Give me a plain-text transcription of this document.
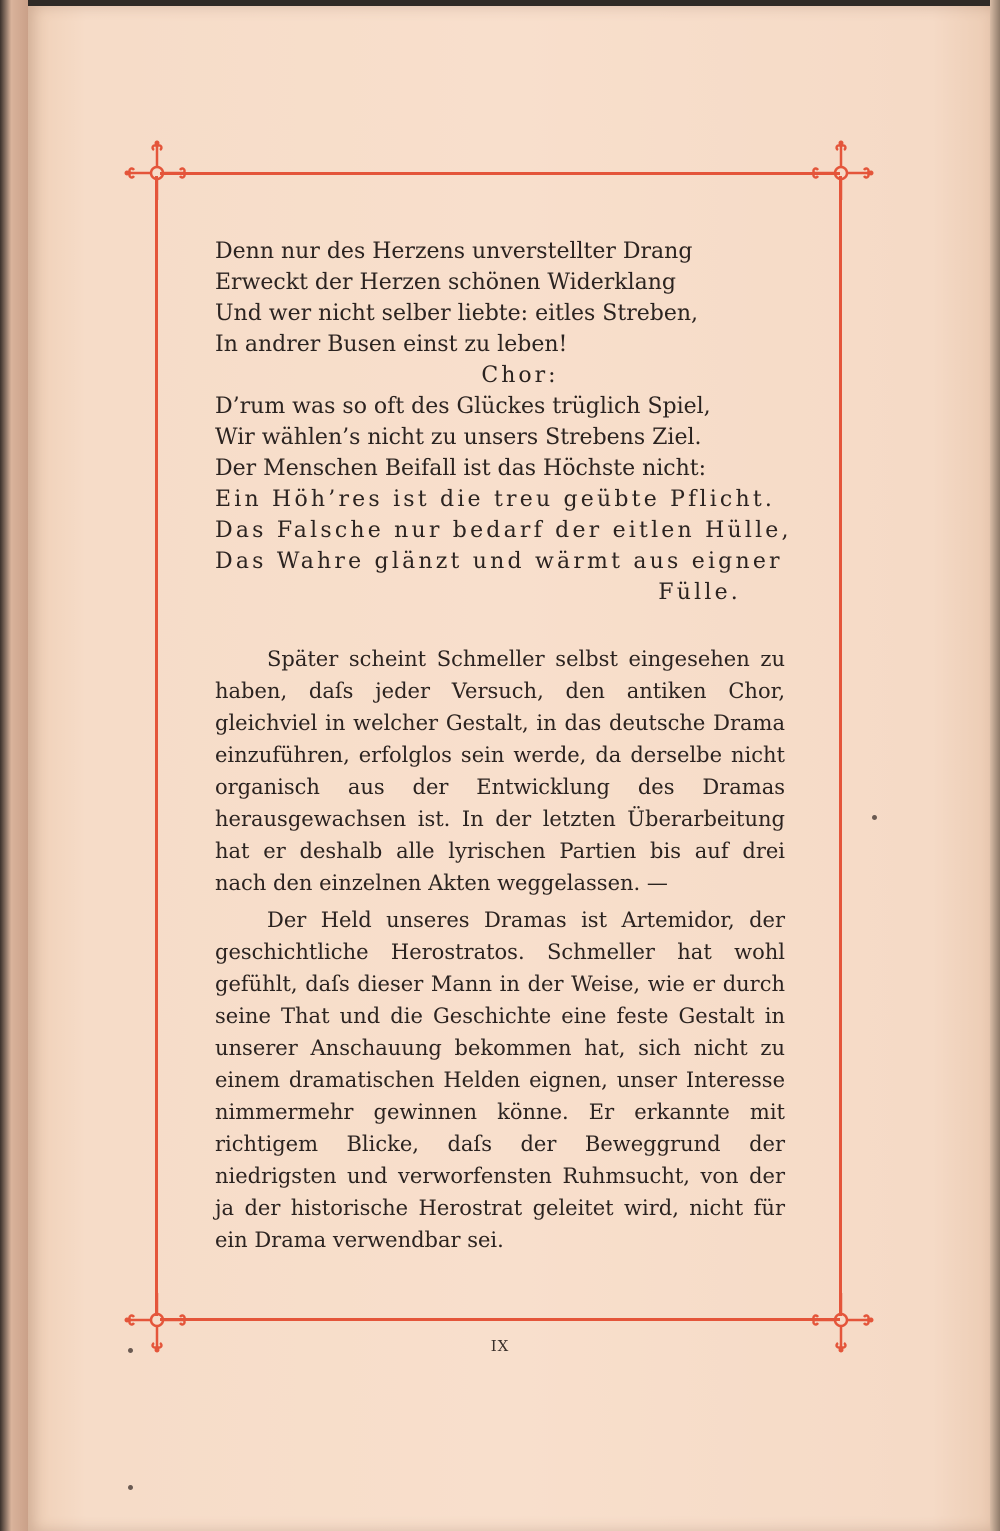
Denn nur des Herzens unverstellter Drang
Erweckt der Herzen schönen Widerklang
Und wer nicht selber liebte: eitles Streben,
In andrer Busen einst zu leben!
Chor:
D’rum was so oft des Glückes trüglich Spiel,
Wir wählen’s nicht zu unsers Strebens Ziel.
Der Menschen Beifall ist das Höchste nicht:
Ein Höh’res ist die treu geübte Pflicht.
Das Falsche nur bedarf der eitlen Hülle,
Das Wahre glänzt und wärmt aus eigner
Fülle.

Später scheint Schmeller selbst eingesehen zu haben, daſs jeder Versuch, den antiken Chor, gleichviel in welcher Gestalt, in das deutsche Drama einzuführen, erfolglos sein werde, da derselbe nicht organisch aus der Entwicklung des Dramas herausgewachsen ist. In der letzten Überarbeitung hat er deshalb alle lyrischen Partien bis auf drei nach den einzelnen Akten weggelassen. —

Der Held unseres Dramas ist Artemidor, der geschichtliche Herostratos. Schmeller hat wohl gefühlt, daſs dieser Mann in der Weise, wie er durch seine That und die Geschichte eine feste Gestalt in unserer Anschauung bekommen hat, sich nicht zu einem dramatischen Helden eignen, unser Interesse nimmermehr gewinnen könne. Er erkannte mit richtigem Blicke, daſs der Beweggrund der niedrigsten und verworfensten Ruhmsucht, von der ja der historische Herostrat geleitet wird, nicht für ein Drama verwendbar sei.

IX
